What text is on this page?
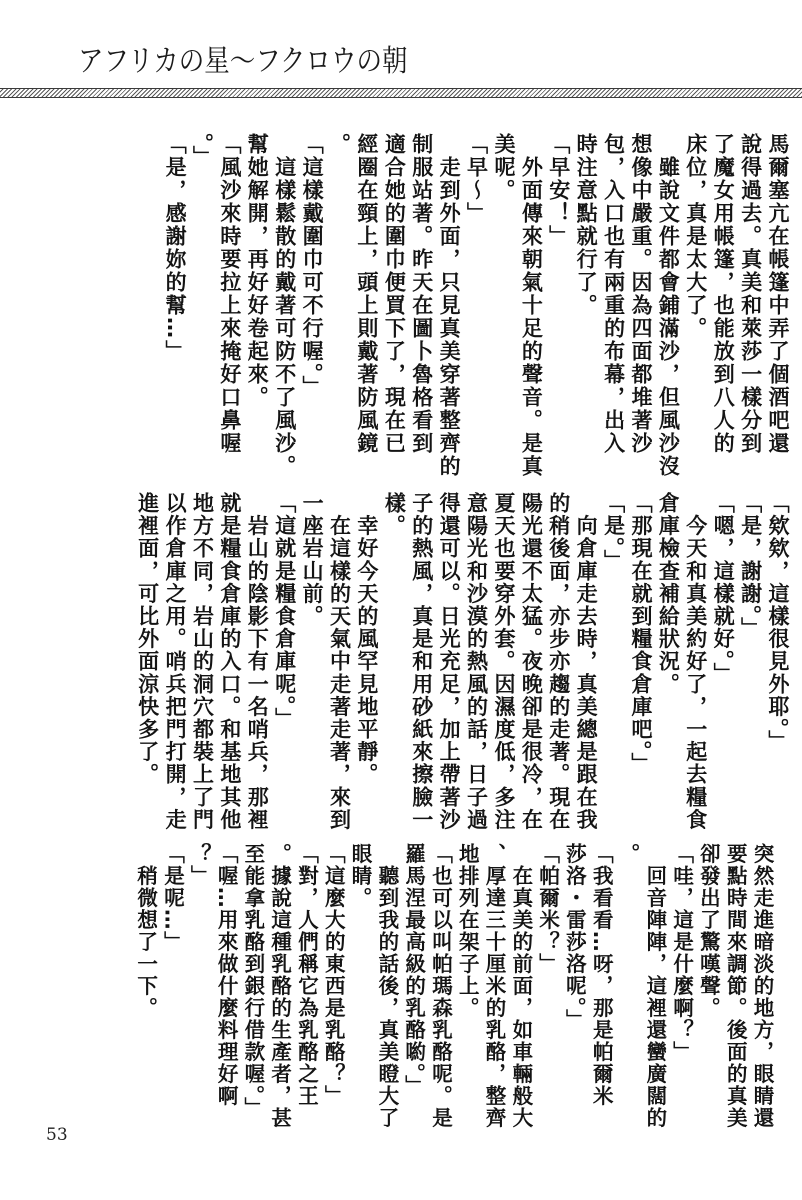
アフリカの星～フクロウの朝
馬爾塞亢在帳篷中弄了個酒吧還
說得過去。真美和萊莎一樣分到
了魔女用帳篷，也能放到八人的
床位，真是太大了。
　雖說文件都會鋪滿沙，但風沙沒
想像中嚴重。因為四面都堆著沙
包，入口也有兩重的布幕，出入
時注意點就行了。
「早安！」
　外面傳來朝氣十足的聲音。是真
美呢。
「早～」
　走到外面，只見真美穿著整齊的
制服站著。昨天在圖卜魯格看到
適合她的圍巾便買下了，現在已
經圈在頸上，頭上則戴著防風鏡
。
「這樣戴圍巾可不行喔。」
　這樣鬆散的戴著可防不了風沙。
幫她解開，再好好卷起來。
「風沙來時要拉上來掩好口鼻喔
。」
「是，感謝妳的幫…」
「欸欸，這樣很見外耶。」
「是，謝謝。」
「嗯，這樣就好。」
　今天和真美約好了，一起去糧食
倉庫檢查補給狀況。
「那現在就到糧食倉庫吧。」
「是。」
　向倉庫走去時，真美總是跟在我
的稍後面，亦步亦趨的走著。現在
陽光還不太猛。夜晚卻是很冷，在
夏天也要穿外套。因濕度低，多注
意陽光和沙漠的熱風的話，日子過
得還可以。日光充足，加上帶著沙
子的熱風，真是和用砂紙來擦臉一
樣。
　幸好今天的風罕見地平靜。
　在這樣的天氣中走著走著，來到
一座岩山前。
「這就是糧食倉庫呢。」
　岩山的陰影下有一名哨兵，那裡
就是糧食倉庫的入口。和基地其他
地方不同，岩山的洞穴都裝上了門
以作倉庫之用。哨兵把門打開，走
進裡面，可比外面涼快多了。
突然走進暗淡的地方，眼睛還
要點時間來調節。後面的真美
卻發出了驚嘆聲。
「哇，這是什麼啊？」
　回音陣陣，這裡還蠻廣闊的
。
「我看看…呀，那是帕爾米
莎洛・雷莎洛呢。」
「帕爾米？」
　在真美的前面，如車輛般大
、厚達三十厘米的乳酪，整齊
地排列在架子上。
「也可以叫帕瑪森乳酪呢。是
羅馬涅最高級的乳酪喲。」
　聽到我的話後，真美瞪大了
眼睛。
「這麼大的東西是乳酪？」
「對，人們稱它為乳酪之王
。據說這種乳酪的生產者，甚
至能拿乳酪到銀行借款喔。」
「喔…用來做什麼料理好啊
？」
「是呢…」
　稍微想了一下。
53
